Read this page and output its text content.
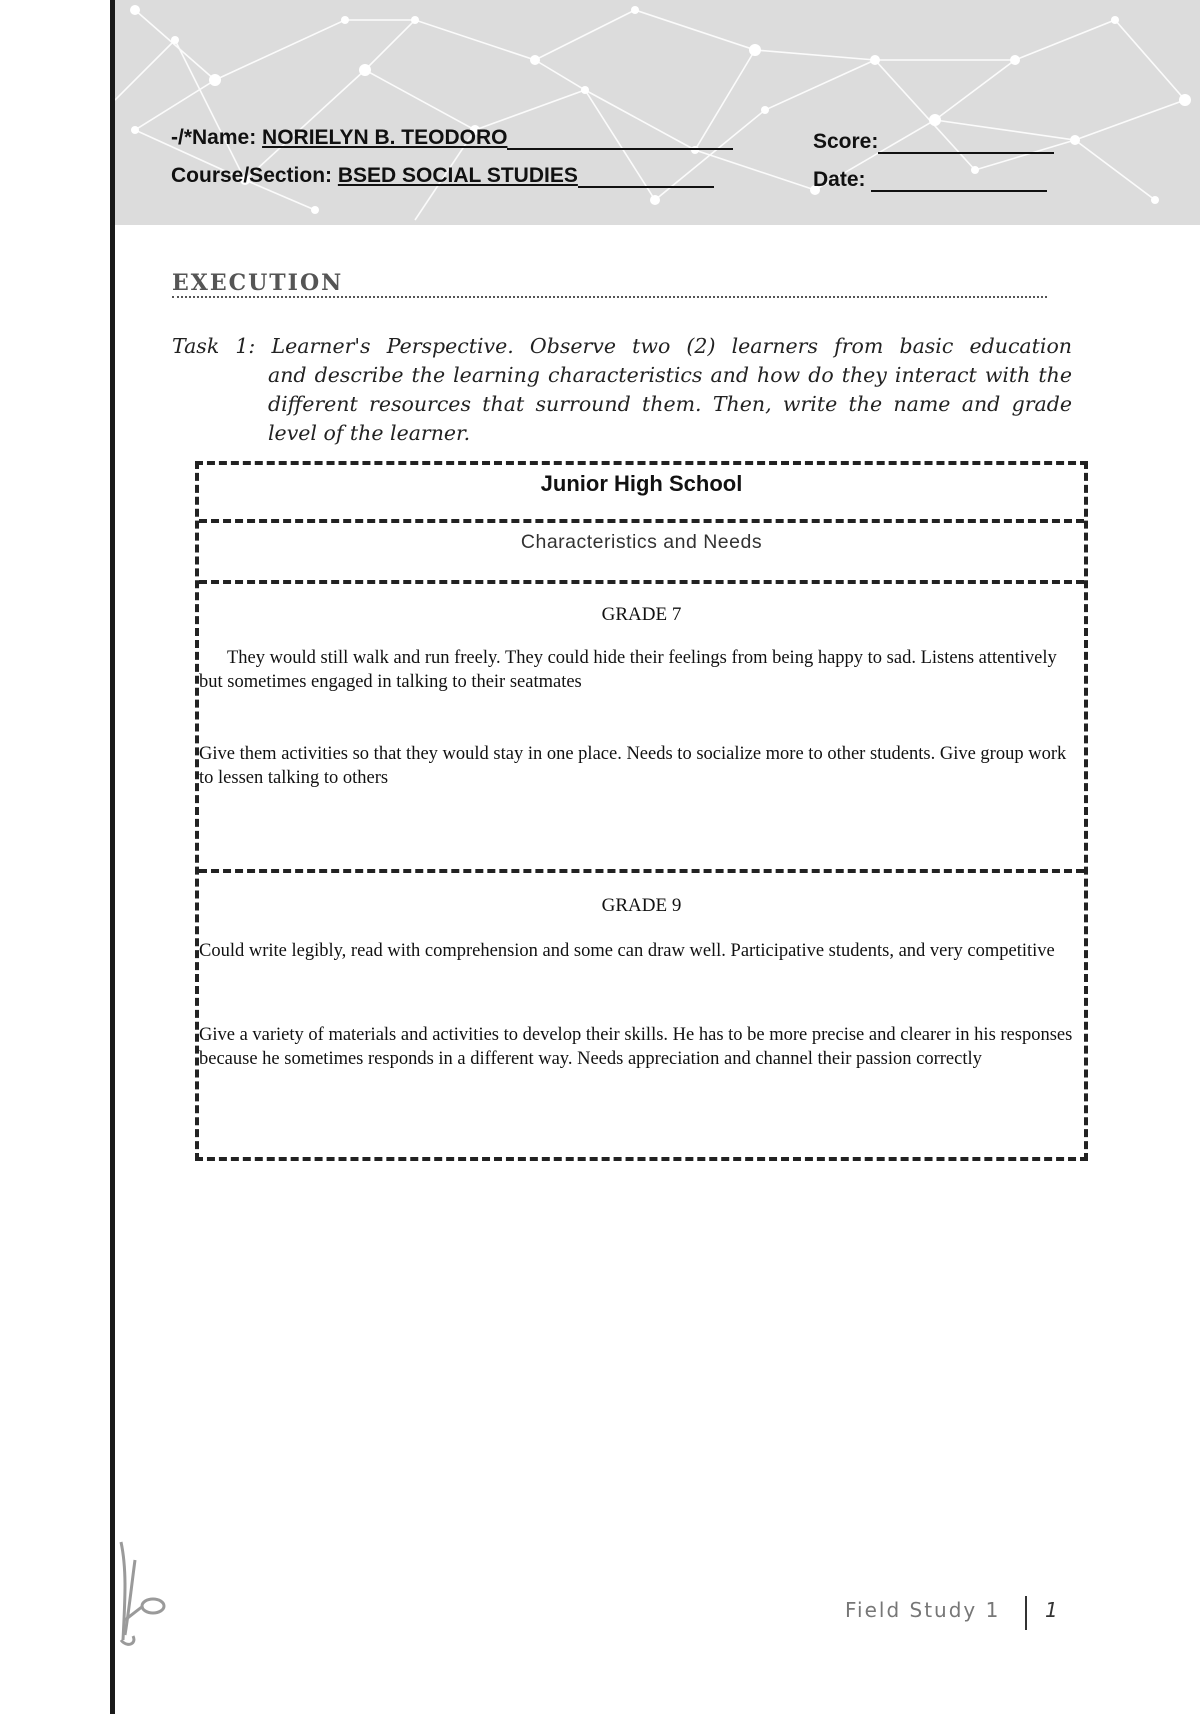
-/*Name: NORIELYN B. TEODORO
Course/Section: BSED SOCIAL STUDIES
Score:
Date:
EXECUTION
Task 1: Learner's Perspective. Observe two (2) learners from basic education
and describe the learning characteristics and how do they interact with the different resources that surround them. Then, write the name and grade level of the learner.
Junior High School
Characteristics and Needs
GRADE 7
They would still walk and run freely. They could hide their feelings from being happy to sad. Listens attentively but sometimes engaged in talking to their seatmates
Give them activities so that they would stay in one place. Needs to socialize more to other students. Give group work to lessen talking to others
GRADE 9
Could write legibly, read with comprehension and some can draw well. Participative students, and very competitive
Give a variety of materials and activities to develop their skills. He has to be more precise and clearer in his responses because he sometimes responds in a different way. Needs appreciation and channel their passion correctly
Field Study 1 1
